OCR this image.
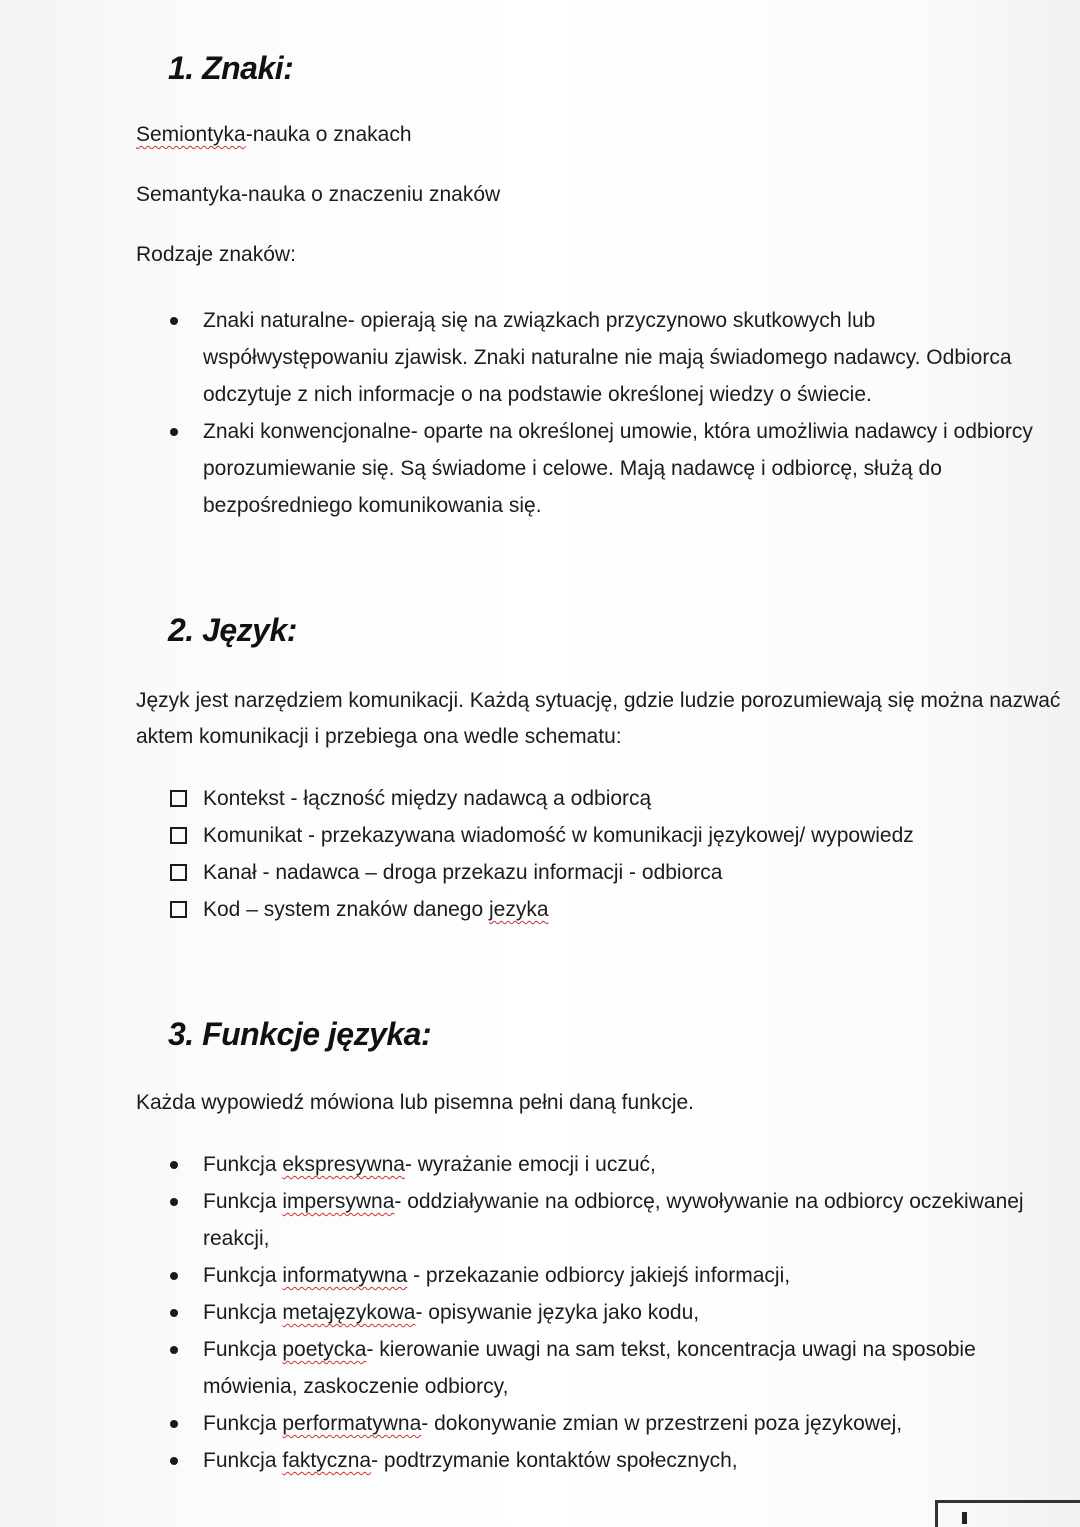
1. Znaki:
Semiontyka-nauka o znakach
Semantyka-nauka o znaczeniu znaków
Rodzaje znaków:
Znaki naturalne- opierają się na związkach przyczynowo skutkowych lub
współwystępowaniu zjawisk. Znaki naturalne nie mają świadomego nadawcy. Odbiorca
odczytuje z nich informacje o na podstawie określonej wiedzy o świecie.
Znaki konwencjonalne- oparte na określonej umowie, która umożliwia nadawcy i odbiorcy
porozumiewanie się. Są świadome i celowe. Mają nadawcę i odbiorcę, służą do
bezpośredniego komunikowania się.
2. Język:
Język jest narzędziem komunikacji. Każdą sytuację, gdzie ludzie porozumiewają się można nazwać
aktem komunikacji i przebiega ona wedle schematu:
Kontekst - łączność między nadawcą a odbiorcą
Komunikat - przekazywana wiadomość w komunikacji językowej/ wypowiedz
Kanał - nadawca – droga przekazu informacji - odbiorca
Kod – system znaków danego jezyka
3. Funkcje języka:
Każda wypowiedź mówiona lub pisemna pełni daną funkcje.
Funkcja ekspresywna- wyrażanie emocji i uczuć,
Funkcja impersywna- oddziaływanie na odbiorcę, wywoływanie na odbiorcy oczekiwanej
reakcji,
Funkcja informatywna - przekazanie odbiorcy jakiejś informacji,
Funkcja metajęzykowa- opisywanie języka jako kodu,
Funkcja poetycka- kierowanie uwagi na sam tekst, koncentracja uwagi na sposobie
mówienia, zaskoczenie odbiorcy,
Funkcja performatywna- dokonywanie zmian w przestrzeni poza językowej,
Funkcja faktyczna- podtrzymanie kontaktów społecznych,
